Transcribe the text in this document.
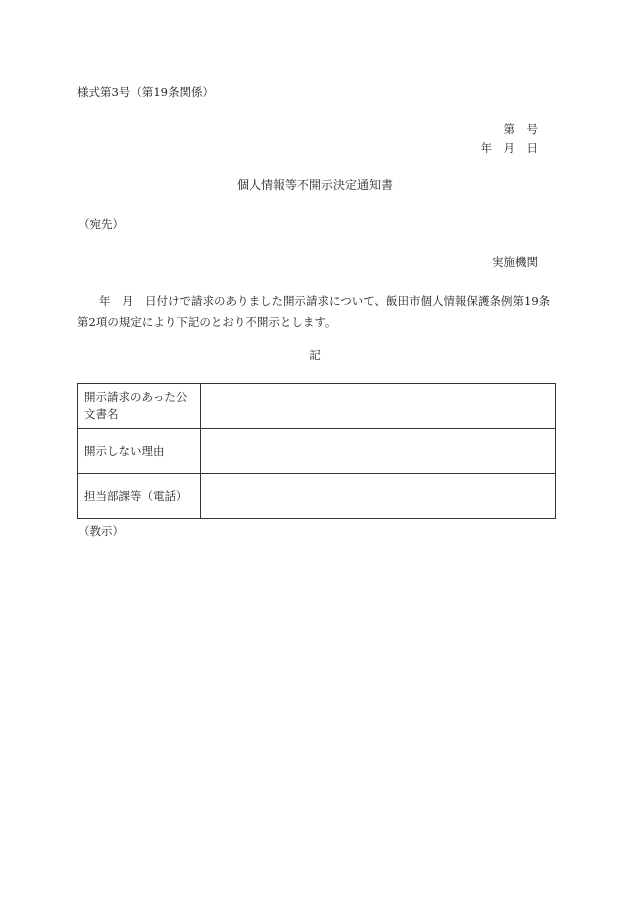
様式第3号（第19条関係）
第　号
年　月　日
個人情報等不開示決定通知書
（宛先）
実施機関
年　月　日付けで請求のありました開示請求について、飯田市個人情報保護条例第19条第2項の規定により下記のとおり不開示とします。
記
開示請求のあった公文書名	
開示しない理由	
担当部課等（電話）	
（教示）
